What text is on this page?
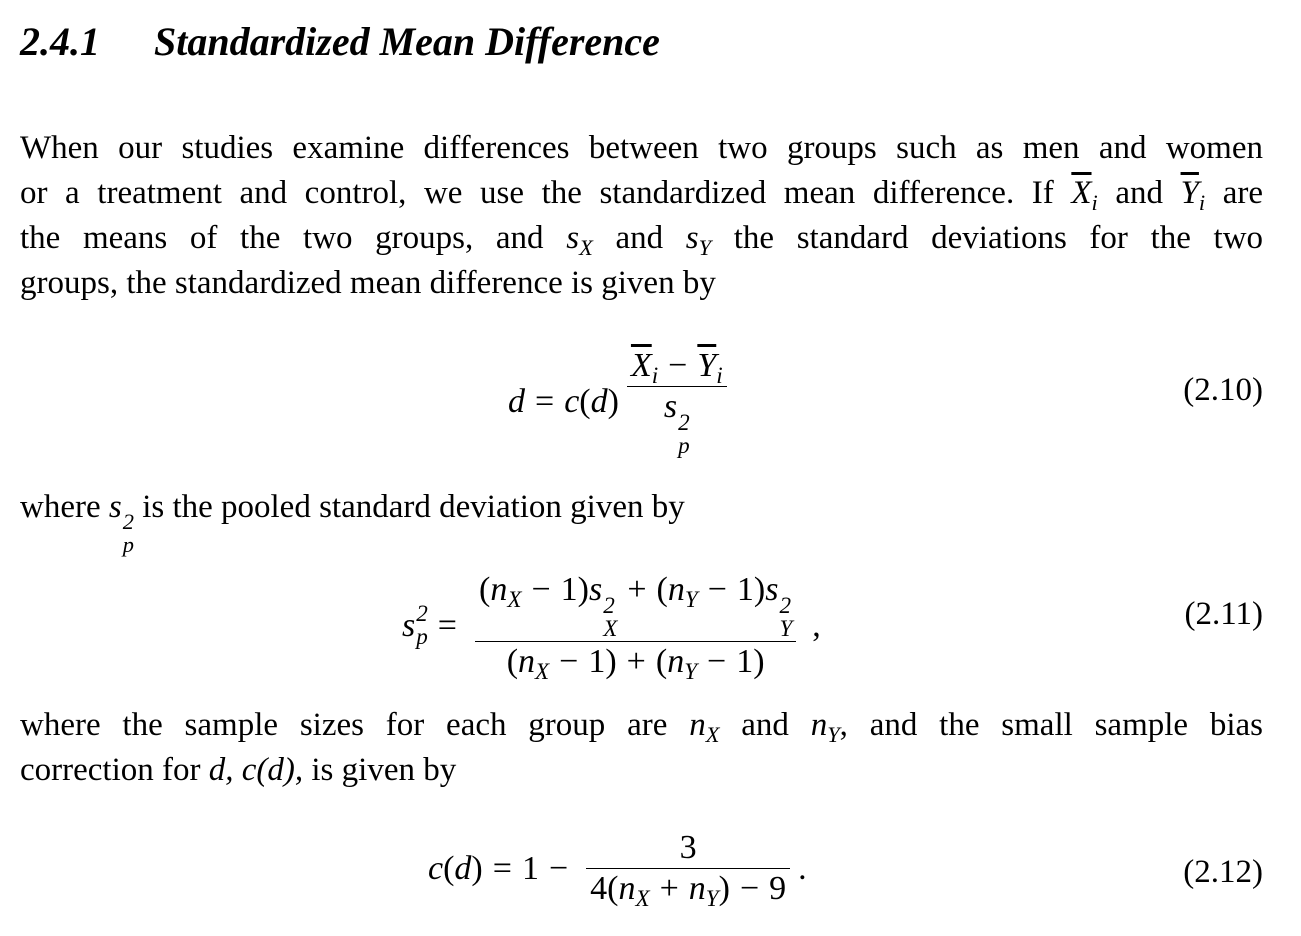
2.4.1 Standardized Mean Difference
When our studies examine differences between two groups such as men and women
or a treatment and control, we use the standardized mean difference. If $\overline{X}_i$ and $\overline{Y}_i$ are
the means of the two groups, and $s_X$ and $s_Y$ the standard deviations for the two
groups, the standardized mean difference is given by
d = c ( d ) $\overline{X}_i - \overline{Y}_i$
s 2
p	(2.10)
where s 2
p
is the pooled standard deviation given by
s 2
$p = (n_X - 1)s$ 2
X
+ $(n_Y - 1)s$ 2
Y
$(n_X - 1) + (n_Y - 1)$ ,	(2.11)
where the sample sizes for each group are $n_X$ and $n_Y$, and the small sample bias
correction for d, c(d), is given by
c ( d ) = $1 - \frac{3}{4(n_X + n_Y) - 9}$ .	(2.12)
